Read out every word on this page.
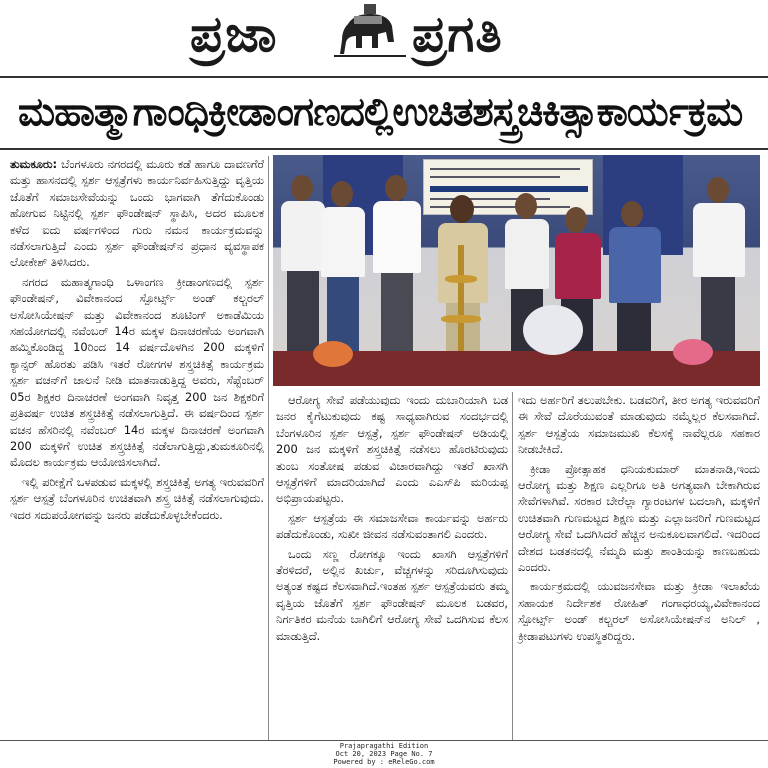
ಪ್ರಜಾ	ಪ್ರಗತಿ
ಮಹಾತ್ಮಾಗಾಂಧಿಕ್ರೀಡಾಂಗಣದಲ್ಲಿಉಚಿತಶಸ್ತ್ರಚಿಕಿತ್ಸಾಕಾರ್ಯಕ್ರಮ

ತುಮಕೂರು: ಬೆಂಗಳೂರು ನಗರದಲ್ಲಿ ಮೂರು ಕಡೆ ಹಾಗೂ ದಾವಣಗೆರೆ ಮತ್ತು ಹಾಸನದಲ್ಲಿ ಸ್ಪರ್ಶ ಆಸ್ಪತ್ರೆಗಳು ಕಾರ್ಯನಿರ್ವಹಿಸುತ್ತಿದ್ದು ವೃತ್ತಿಯ ಜೊತೆಗೆ ಸಮಾಜಸೇವೆಯನ್ನು ಒಂದು ಭಾಗವಾಗಿ ತೆಗೆದುಕೊಂಡು ಹೋಗುವ ನಿಟ್ಟಿನಲ್ಲಿ ಸ್ಪರ್ಶ ಫೌಂಡೇಷನ್ ಸ್ಥಾಪಿಸಿ, ಅದರ ಮೂಲಕ ಕಳೆದ ಐದು ವರ್ಷಗಳಿಂದ ಗುರು ನಮನ ಕಾರ್ಯಕ್ರಮವನ್ನು ನಡೆಸಲಾಗುತ್ತಿದೆ ಎಂದು ಸ್ಪರ್ಶ ಫೌಂಡೇಷನ್‌ನ ಪ್ರಧಾನ ವ್ಯವಸ್ಥಾಪಕ ಲೋಕೇಶ್ ತಿಳಿಸಿದರು.

ನಗರದ ಮಹಾತ್ಮಗಾಂಧಿ ಒಳಾಂಗಣ ಕ್ರೀಡಾಂಗಣದಲ್ಲಿ ಸ್ಪರ್ಶ ಫೌಂಡೇಷನ್, ವಿವೇಕಾನಂದ ಸ್ಪೋರ್ಟ್ಸ್ ಅಂಡ್ ಕಲ್ಚರಲ್ ಅಸೋಸಿಯೇಷನ್ ಮತ್ತು ವಿವೇಕಾನಂದ ಶೂಟಿಂಗ್ ಅಕಾಡೆಮಿಯ ಸಹಯೋಗದಲ್ಲಿ ನವೆಂಬರ್ 14ರ ಮಕ್ಕಳ ದಿನಾಚರಣೆಯ ಅಂಗವಾಗಿ ಹಮ್ಮಿಕೊಂಡಿದ್ದ 10ರಿಂದ 14 ವರ್ಷದೊಳಗಿನ 200 ಮಕ್ಕಳಿಗೆ ಕ್ಯಾನ್ಸರ್ ಹೊರತು ಪಡಿಸಿ ಇತರೆ ರೋಗಗಳ ಶಸ್ತ್ರಚಿಕಿತ್ಸೆ ಕಾರ್ಯಕ್ರಮ ಸ್ಪರ್ಶ ವಚನ್‌ಗೆ ಚಾಲನೆ ನೀಡಿ ಮಾತನಾಡುತ್ತಿದ್ದ ಅವರು, ಸೆಪ್ಟೆಂಬರ್ 05ರ ಶಿಕ್ಷಕರ ದಿನಾಚರಣೆ ಅಂಗವಾಗಿ ನಿವೃತ್ತ 200 ಜನ ಶಿಕ್ಷಕರಿಗೆ ಪ್ರತಿವರ್ಷ ಉಚಿತ ಶಸ್ತ್ರಚಿಕಿತ್ಸೆ ನಡೆಸಲಾಗುತ್ತಿದೆ. ಈ ವರ್ಷದಿಂದ ಸ್ಪರ್ಶ ವಚನ ಹೆಸರಿನಲ್ಲಿ ನವೆಂಬರ್ 14ರ ಮಕ್ಕಳ ದಿನಾಚರಣೆ ಅಂಗವಾಗಿ 200 ಮಕ್ಕಳಿಗೆ ಉಚಿತ ಶಸ್ತ್ರಚಿಕಿತ್ಸೆ ನಡೆಲಾಗುತ್ತಿದ್ದು,ತುಮಕೂರಿನಲ್ಲಿ ಮೊದಲ ಕಾರ್ಯಕ್ರಮ ಆಯೋಜಿಸಲಾಗಿದೆ.

ಇಲ್ಲಿ ಪರೀಕ್ಷೆಗೆ ಒಳಪಡುವ ಮಕ್ಕಳಲ್ಲಿ ಶಸ್ತ್ರಚಿಕಿತ್ಸೆ ಅಗತ್ಯ ಇರುವವರಿಗೆ ಸ್ಪರ್ಶ ಆಸ್ಪತ್ರೆ ಬೆಂಗಳೂರಿನ ಉಚಿತವಾಗಿ ಶಸ್ತ್ರ ಚಿಕಿತ್ಸೆ ನಡೆಸಲಾಗುವುದು. ಇದರ ಸದುಪಯೋಗವನ್ನು ಜನರು ಪಡೆದುಕೊಳ್ಳಬೇಕೆಂದರು.

ಆರೋಗ್ಯ ಸೇವೆ ಪಡೆಯುವುದು ಇಂದು ದುಬಾರಿಯಾಗಿ ಬಡ ಜನರ ಕೈಗೆಟುಕುವುದು ಕಷ್ಟ ಸಾಧ್ಯವಾಗಿರುವ ಸಂದರ್ಭದಲ್ಲಿ ಬೆಂಗಳೂರಿನ ಸ್ಪರ್ಶ ಆಸ್ಪತ್ರೆ, ಸ್ಪರ್ಶ ಫೌಂಡೇಷನ್ ಅಡಿಯಲ್ಲಿ 200 ಜನ ಮಕ್ಕಳಿಗೆ ಶಸ್ತ್ರಚಿಕಿತ್ಸೆ ನಡೆಸಲು ಹೊರಟಿರುವುದು ತುಂಬ ಸಂತೋಷ ಪಡುವ ವಿಚಾರವಾಗಿದ್ದು ಇತರೆ ಖಾಸಗಿ ಆಸ್ಪತ್ರೆಗಳಿಗೆ ಮಾದರಿಯಾಗಿದೆ ಎಂದು ಎಎಸ್‌ಪಿ ಮರಿಯಪ್ಪ ಅಭಿಪ್ರಾಯಪಟ್ಟರು.

ಸ್ಪರ್ಶ ಆಸ್ಪತ್ರೆಯ ಈ ಸಮಾಜಸೇವಾ ಕಾರ್ಯವನ್ನು ಅರ್ಹರು ಪಡೆದುಕೊಂಡು, ಸುಖೀ ಜೀವನ ನಡೆಸುವಂತಾಗಲಿ ಎಂದರು.

ಒಂದು ಸಣ್ಣ ರೋಗಕ್ಕೂ ಇಂದು ಖಾಸಗಿ ಆಸ್ಪತ್ರೆಗಳಿಗೆ ತೆರಳಿದರೆ, ಅಲ್ಲಿನ ಖರ್ಚು, ವೆಚ್ಚಗಳನ್ನು ಸರಿದೂಗಿಸುವುದು ಅತ್ಯಂತ ಕಷ್ಟದ ಕೆಲಸವಾಗಿದೆ.ಇಂತಹ ಸ್ಪರ್ಶ ಆಸ್ಪತ್ರೆಯವರು ತಮ್ಮ ವೃತ್ತಿಯ ಜೊತೆಗೆ ಸ್ಪರ್ಶ ಫೌಂಡೇಷನ್ ಮೂಲಕ ಬಡವರ, ನಿರ್ಗತಿಕರ ಮನೆಯ ಬಾಗಿಲಿಗೆ ಆರೋಗ್ಯ ಸೇವೆ ಒದಗಿಸುವ ಕೆಲಸ ಮಾಡುತ್ತಿದೆ.

ಇದು ಅರ್ಹರಿಗೆ ತಲುಪಬೇಕು. ಬಡವರಿಗೆ, ತೀರ ಅಗತ್ಯ ಇರುವವರಿಗೆ ಈ ಸೇವೆ ದೊರೆಯುವಂತೆ ಮಾಡುವುದು ನಮ್ಮೆಲ್ಲರ ಕೆಲಸವಾಗಿದೆ. ಸ್ಪರ್ಶ ಆಸ್ಪತ್ರೆಯ ಸಮಾಜಮುಖಿ ಕೆಲಸಕ್ಕೆ ನಾವೆಲ್ಲರೂ ಸಹಕಾರ ನೀಡಬೇಕಿದೆ.

ಕ್ರೀಡಾ ಪ್ರೋತ್ಸಾಹಕ ಧನಿಯಕುಮಾರ್ ಮಾತನಾಡಿ,ಇಂದು ಆರೋಗ್ಯ ಮತ್ತು ಶಿಕ್ಷಣ ಎಲ್ಲರಿಗೂ ಅತಿ ಅಗತ್ಯವಾಗಿ ಬೇಕಾಗಿರುವ ಸೇವೆಗಳಾಗಿವೆ. ಸರಕಾರ ಬೇರೆಲ್ಲಾ ಗ್ಯಾರಂಟಗಳ ಬದಲಾಗಿ, ಮಕ್ಕಳಿಗೆ ಉಚಿತವಾಗಿ ಗುಣಮಟ್ಟದ ಶಿಕ್ಷಣ ಮತ್ತು ಎಲ್ಲಾಜನರಿಗೆ ಗುಣಮಟ್ಟದ ಆರೋಗ್ಯ ಸೇವೆ ಒದಗಿಸಿದರೆ ಹೆಚ್ಚಿನ ಅನುಕೂಲವಾಗಲಿದೆ. ಇದರಿಂದ ದೇಶದ ಬಡತನದಲ್ಲಿ ನೆಮ್ಮದಿ ಮತ್ತು ಶಾಂತಿಯನ್ನು ಕಾಣಬಹುದು ಎಂದರು.

ಕಾರ್ಯಕ್ರಮದಲ್ಲಿ ಯುವಜನಸೇವಾ ಮತ್ತು ಕ್ರೀಡಾ ಇಲಾಖೆಯ ಸಹಾಯಕ ನಿರ್ದೇಶಕ ರೋಹಿತ್ ಗಂಗಾಧರಯ್ಯ,ವಿವೇಕಾನಂದ ಸ್ಪೋರ್ಟ್ಸ್ ಅಂಡ್ ಕಲ್ಚರಲ್ ಅಸೋಸಿಯೇಷನ್‌ನ ಅನಿಲ್ , ಕ್ರೀಡಾಪಟುಗಳು ಉಪಸ್ಥಿತರಿದ್ದರು.

Prajapragathi Edition
Oct 20, 2023 Page No. 7
Powered by : eReleGo.com
